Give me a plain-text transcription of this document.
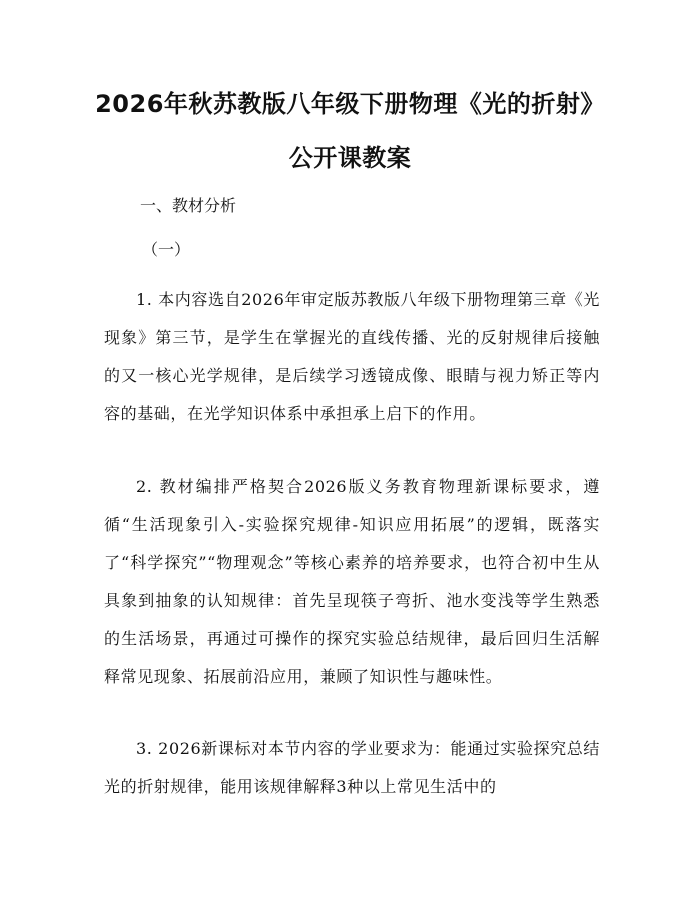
2026年秋苏教版八年级下册物理《光的折射》公开课教案
一、教材分析
（一）

1. 本内容选自2026年审定版苏教版八年级下册物理第三章《光现象》第三节，是学生在掌握光的直线传播、光的反射规律后接触的又一核心光学规律，是后续学习透镜成像、眼睛与视力矫正等内容的基础，在光学知识体系中承担承上启下的作用。

2. 教材编排严格契合2026版义务教育物理新课标要求，遵循“生活现象引入-实验探究规律-知识应用拓展”的逻辑，既落实了“科学探究”“物理观念”等核心素养的培养要求，也符合初中生从具象到抽象的认知规律：首先呈现筷子弯折、池水变浅等学生熟悉的生活场景，再通过可操作的探究实验总结规律，最后回归生活解释常见现象、拓展前沿应用，兼顾了知识性与趣味性。

3. 2026新课标对本节内容的学业要求为：能通过实验探究总结光的折射规律，能用该规律解释3种以上常见生活中的
